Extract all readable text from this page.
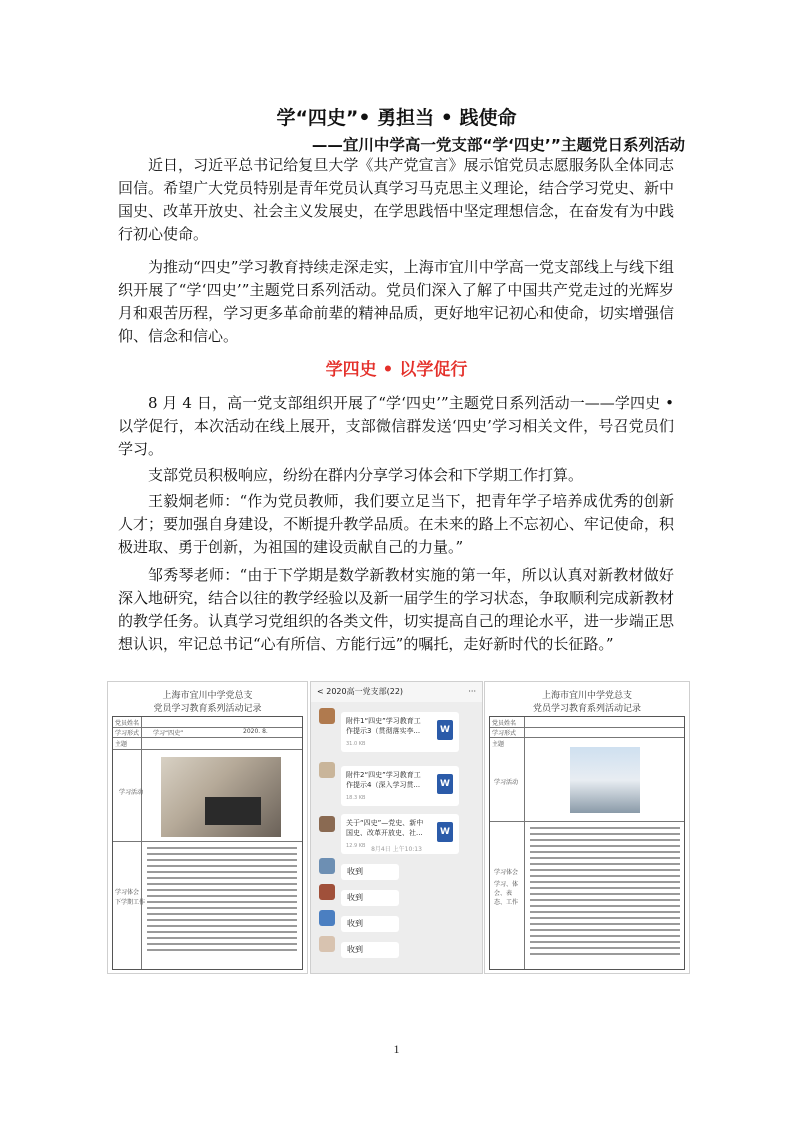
学“四史”• 勇担当 • 践使命
——宜川中学高一党支部“学‘四史’”主题党日系列活动

近日，习近平总书记给复旦大学《共产党宣言》展示馆党员志愿服务队全体同志回信。希望广大党员特别是青年党员认真学习马克思主义理论，结合学习党史、新中国史、改革开放史、社会主义发展史，在学思践悟中坚定理想信念，在奋发有为中践行初心使命。

为推动“四史”学习教育持续走深走实，上海市宜川中学高一党支部线上与线下组织开展了“学‘四史’”主题党日系列活动。党员们深入了解了中国共产党走过的光辉岁月和艰苦历程，学习更多革命前辈的精神品质，更好地牢记初心和使命，切实增强信仰、信念和信心。

学四史 • 以学促行

8 月 4 日，高一党支部组织开展了“学‘四史’”主题党日系列活动一——学四史 • 以学促行，本次活动在线上展开，支部微信群发送‘四史’学习相关文件，号召党员们学习。

支部党员积极响应，纷纷在群内分享学习体会和下学期工作打算。

王毅炯老师：“作为党员教师，我们要立足当下，把青年学子培养成优秀的创新人才；要加强自身建设，不断提升教学品质。在未来的路上不忘初心、牢记使命，积极进取、勇于创新，为祖国的建设贡献自己的力量。”

邹秀琴老师：“由于下学期是数学新教材实施的第一年，所以认真对新教材做好深入地研究，结合以往的教学经验以及新一届学生的学习状态，争取顺利完成新教材的教学任务。认真学习党组织的各类文件，切实提高自己的理论水平，进一步端正思想认识，牢记总书记“心有所信、方能行远”的嘱托，走好新时代的长征路。”

上海市宜川中学党总支
党员学习教育系列活动记录
党员姓名
学习形式 学习“四史”	2020. 8.
主题
学习活动
学习体会
下学期工作
< 2020高一党支部(22)	···
附件1“四史”学习教育工作提示3（贯彻落实李...
31.0 KB
W
附件2“四史”学习教育工作提示4（深入学习贯...
18.3 KB
W
关于“四史”—党史、新中国史、改革开放史、社...
12.9 KB
W
8月4日 上午10:13
收到
收到
收到
收到
上海市宜川中学党总支
党员学习教育系列活动记录
党员姓名
学习形式
主题
学习活动
学习体会
学习、体会、表态、工作
1
